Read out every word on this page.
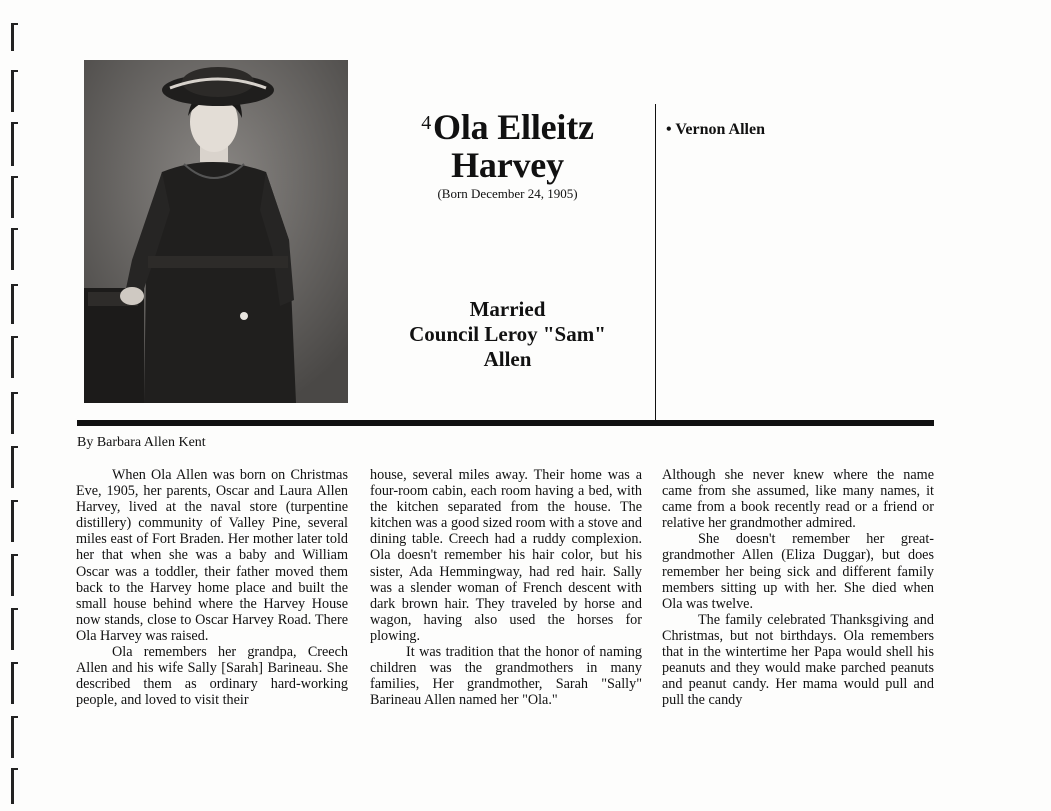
$^4$Ola Elleitz
Harvey
(Born December 24, 1905)
Married
Council Leroy "Sam"
Allen
• Vernon Allen
By Barbara Allen Kent

When Ola Allen was born on Christmas Eve, 1905, her parents, Oscar and Laura Allen Harvey, lived at the naval store (turpentine distillery) community of Valley Pine, several miles east of Fort Braden. Her mother later told her that when she was a baby and William Oscar was a toddler, their father moved them back to the Harvey home place and built the small house behind where the Harvey House now stands, close to Oscar Harvey Road. There Ola Harvey was raised.

Ola remembers her grandpa, Creech Allen and his wife Sally [Sarah] Barineau. She described them as ordinary hard-working people, and loved to visit their

house, several miles away. Their home was a four-room cabin, each room having a bed, with the kitchen separated from the house. The kitchen was a good sized room with a stove and dining table. Creech had a ruddy complexion. Ola doesn't remember his hair color, but his sister, Ada Hemmingway, had red hair. Sally was a slender woman of French descent with dark brown hair. They traveled by horse and wagon, having also used the horses for plowing.

It was tradition that the honor of naming children was the grandmothers in many families, Her grandmother, Sarah "Sally" Barineau Allen named her "Ola."

Although she never knew where the name came from she assumed, like many names, it came from a book recently read or a friend or relative her grandmother admired.

She doesn't remember her great-grandmother Allen (Eliza Duggar), but does remember her being sick and different family members sitting up with her. She died when Ola was twelve.

The family celebrated Thanksgiving and Christmas, but not birthdays. Ola remembers that in the wintertime her Papa would shell his peanuts and they would make parched peanuts and peanut candy. Her mama would pull and pull the candy
